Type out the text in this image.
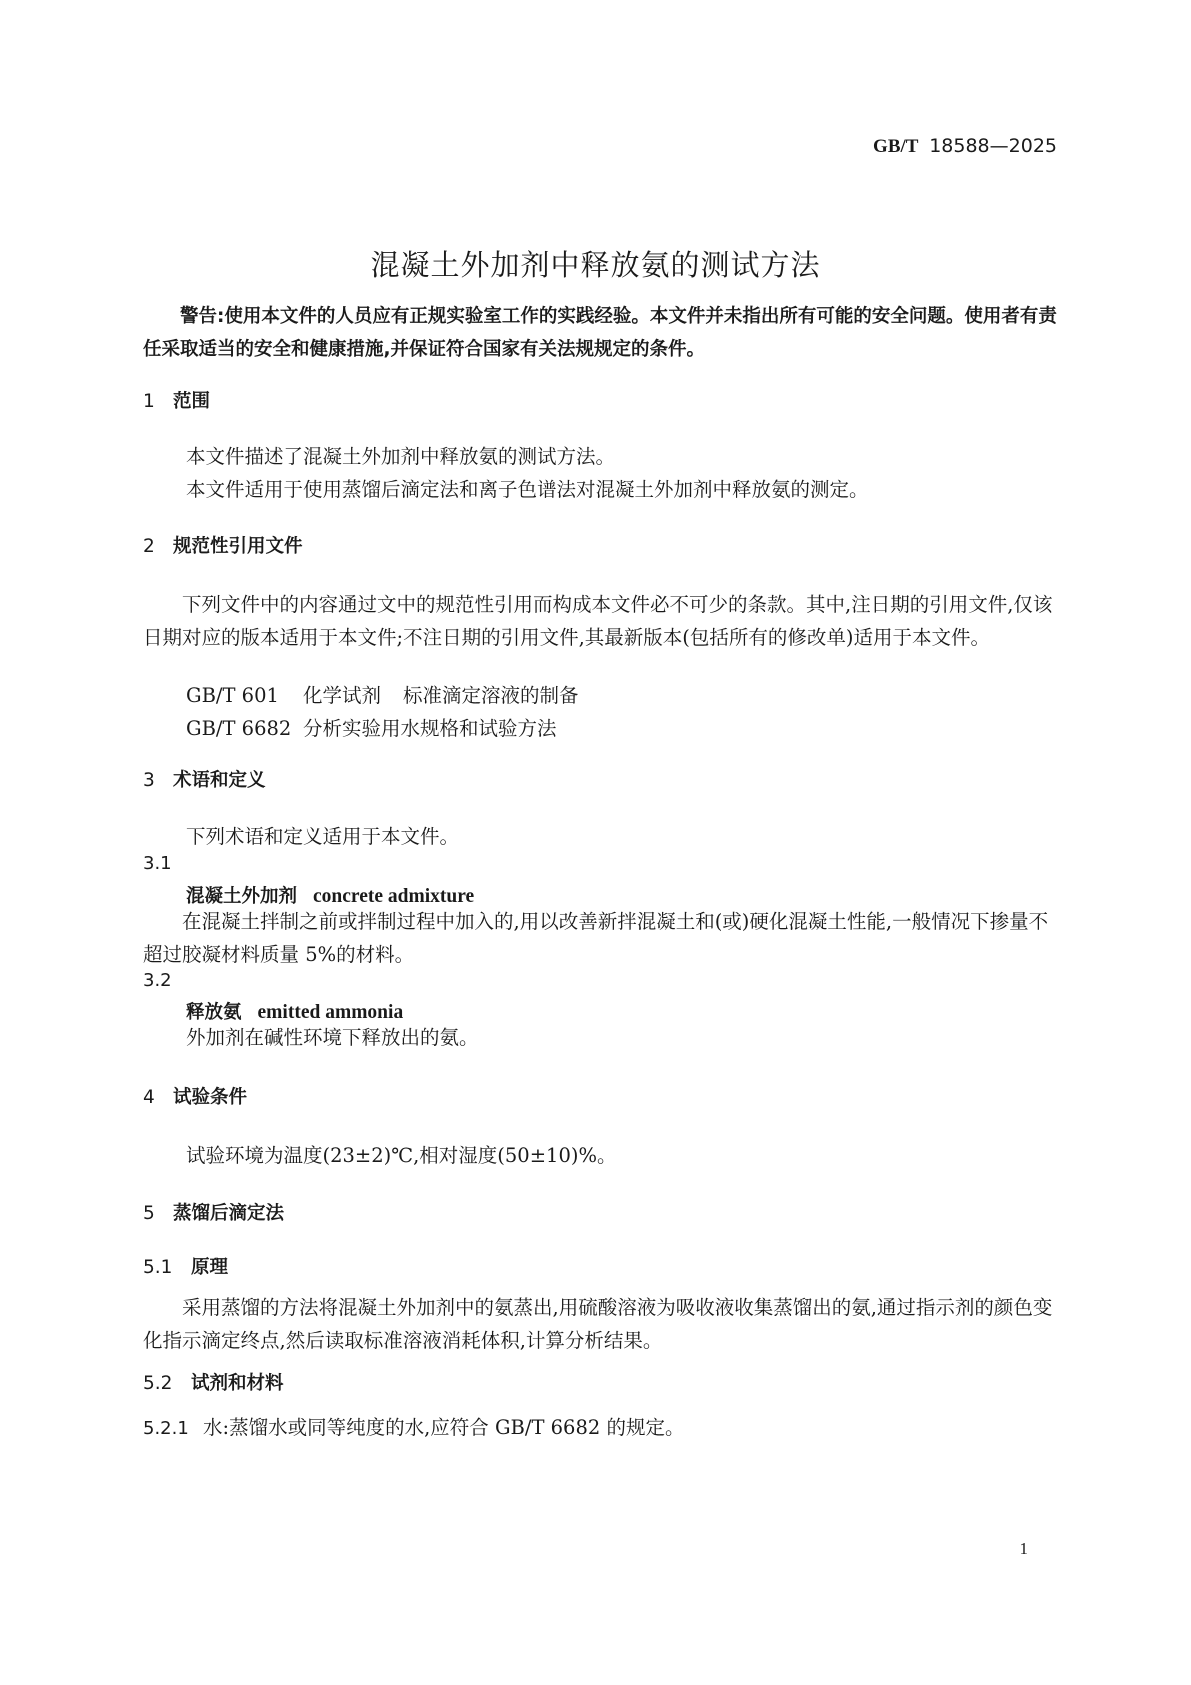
GB/T 18588—2025
混凝土外加剂中释放氨的测试方法
警告:使用本文件的人员应有正规实验室工作的实践经验。本文件并未指出所有可能的安全问题。使用者有责任采取适当的安全和健康措施,并保证符合国家有关法规规定的条件。
1 范围
本文件描述了混凝土外加剂中释放氨的测试方法。
本文件适用于使用蒸馏后滴定法和离子色谱法对混凝土外加剂中释放氨的测定。
2 规范性引用文件
下列文件中的内容通过文中的规范性引用而构成本文件必不可少的条款。其中,注日期的引用文件,仅该日期对应的版本适用于本文件;不注日期的引用文件,其最新版本(包括所有的修改单)适用于本文件。
GB/T 601 化学试剂 标准滴定溶液的制备
GB/T 6682 分析实验用水规格和试验方法
3 术语和定义
下列术语和定义适用于本文件。
3.1
混凝土外加剂 concrete admixture
在混凝土拌制之前或拌制过程中加入的,用以改善新拌混凝土和(或)硬化混凝土性能,一般情况下掺量不超过胶凝材料质量 5%的材料。
3.2
释放氨 emitted ammonia
外加剂在碱性环境下释放出的氨。
4 试验条件
试验环境为温度(23±2)℃,相对湿度(50±10)%。
5 蒸馏后滴定法
5.1 原理
采用蒸馏的方法将混凝土外加剂中的氨蒸出,用硫酸溶液为吸收液收集蒸馏出的氨,通过指示剂的颜色变化指示滴定终点,然后读取标准溶液消耗体积,计算分析结果。
5.2 试剂和材料
5.2.1 水:蒸馏水或同等纯度的水,应符合 GB/T 6682 的规定。
1
